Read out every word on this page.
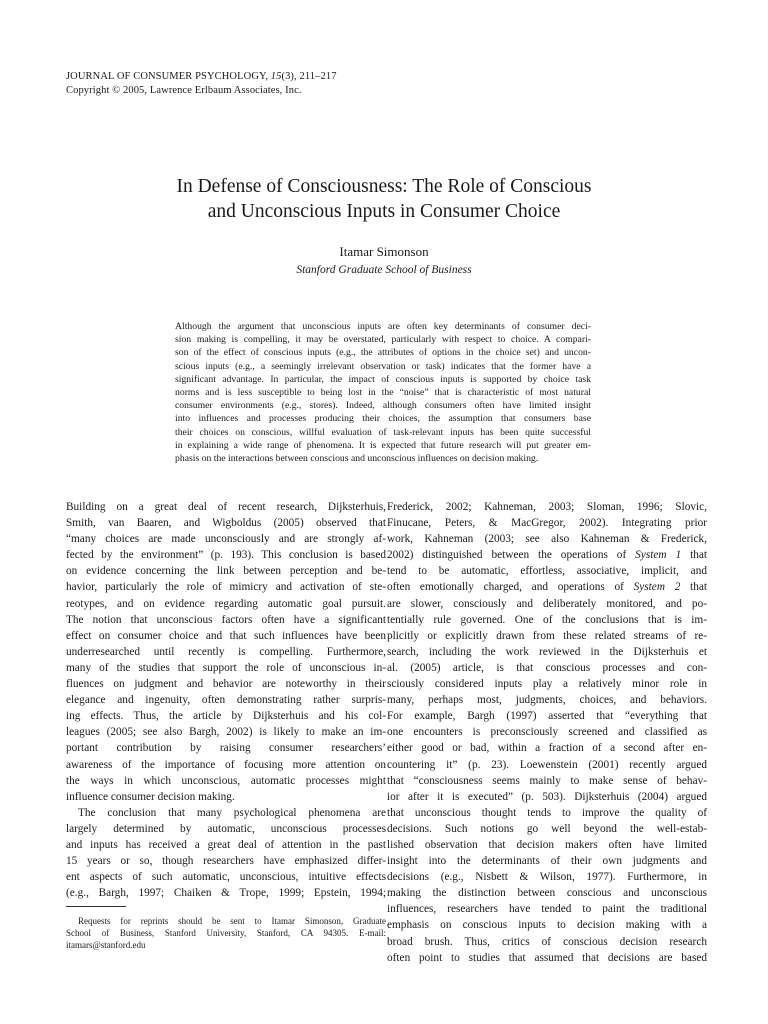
JOURNAL OF CONSUMER PSYCHOLOGY, 15(3), 211–217
Copyright © 2005, Lawrence Erlbaum Associates, Inc.
In Defense of Consciousness: The Role of Conscious
and Unconscious Inputs in Consumer Choice
Itamar Simonson
Stanford Graduate School of Business
Although the argument that unconscious inputs are often key determinants of consumer deci-
sion making is compelling, it may be overstated, particularly with respect to choice. A compari-
son of the effect of conscious inputs (e.g., the attributes of options in the choice set) and uncon-
scious inputs (e.g., a seemingly irrelevant observation or task) indicates that the former have a
significant advantage. In particular, the impact of conscious inputs is supported by choice task
norms and is less susceptible to being lost in the “noise” that is characteristic of most natural
consumer environments (e.g., stores). Indeed, although consumers often have limited insight
into influences and processes producing their choices, the assumption that consumers base
their choices on conscious, willful evaluation of task-relevant inputs has been quite successful
in explaining a wide range of phenomena. It is expected that future research will put greater em-
phasis on the interactions between conscious and unconscious influences on decision making.
Building on a great deal of recent research, Dijksterhuis,
Smith, van Baaren, and Wigboldus (2005) observed that
“many choices are made unconsciously and are strongly af-
fected by the environment” (p. 193). This conclusion is based
on evidence concerning the link between perception and be-
havior, particularly the role of mimicry and activation of ste-
reotypes, and on evidence regarding automatic goal pursuit.
The notion that unconscious factors often have a significant
effect on consumer choice and that such influences have been
underresearched until recently is compelling. Furthermore,
many of the studies that support the role of unconscious in-
fluences on judgment and behavior are noteworthy in their
elegance and ingenuity, often demonstrating rather surpris-
ing effects. Thus, the article by Dijksterhuis and his col-
leagues (2005; see also Bargh, 2002) is likely to make an im-
portant contribution by raising consumer researchers’
awareness of the importance of focusing more attention on
the ways in which unconscious, automatic processes might
influence consumer decision making.
The conclusion that many psychological phenomena are
largely determined by automatic, unconscious processes
and inputs has received a great deal of attention in the past
15 years or so, though researchers have emphasized differ-
ent aspects of such automatic, unconscious, intuitive effects
(e.g., Bargh, 1997; Chaiken & Trope, 1999; Epstein, 1994;
Requests for reprints should be sent to Itamar Simonson, Graduate
School of Business, Stanford University, Stanford, CA 94305. E-mail:
itamars@stanford.edu
Frederick, 2002; Kahneman, 2003; Sloman, 1996; Slovic,
Finucane, Peters, & MacGregor, 2002). Integrating prior
work, Kahneman (2003; see also Kahneman & Frederick,
2002) distinguished between the operations of System 1 that
tend to be automatic, effortless, associative, implicit, and
often emotionally charged, and operations of System 2 that
are slower, consciously and deliberately monitored, and po-
tentially rule governed. One of the conclusions that is im-
plicitly or explicitly drawn from these related streams of re-
search, including the work reviewed in the Dijksterhuis et
al. (2005) article, is that conscious processes and con-
sciously considered inputs play a relatively minor role in
many, perhaps most, judgments, choices, and behaviors.
For example, Bargh (1997) asserted that “everything that
one encounters is preconsciously screened and classified as
either good or bad, within a fraction of a second after en-
countering it” (p. 23). Loewenstein (2001) recently argued
that “consciousness seems mainly to make sense of behav-
ior after it is executed” (p. 503). Dijksterhuis (2004) argued
that unconscious thought tends to improve the quality of
decisions. Such notions go well beyond the well-estab-
lished observation that decision makers often have limited
insight into the determinants of their own judgments and
decisions (e.g., Nisbett & Wilson, 1977). Furthermore, in
making the distinction between conscious and unconscious
influences, researchers have tended to paint the traditional
emphasis on conscious inputs to decision making with a
broad brush. Thus, critics of conscious decision research
often point to studies that assumed that decisions are based
